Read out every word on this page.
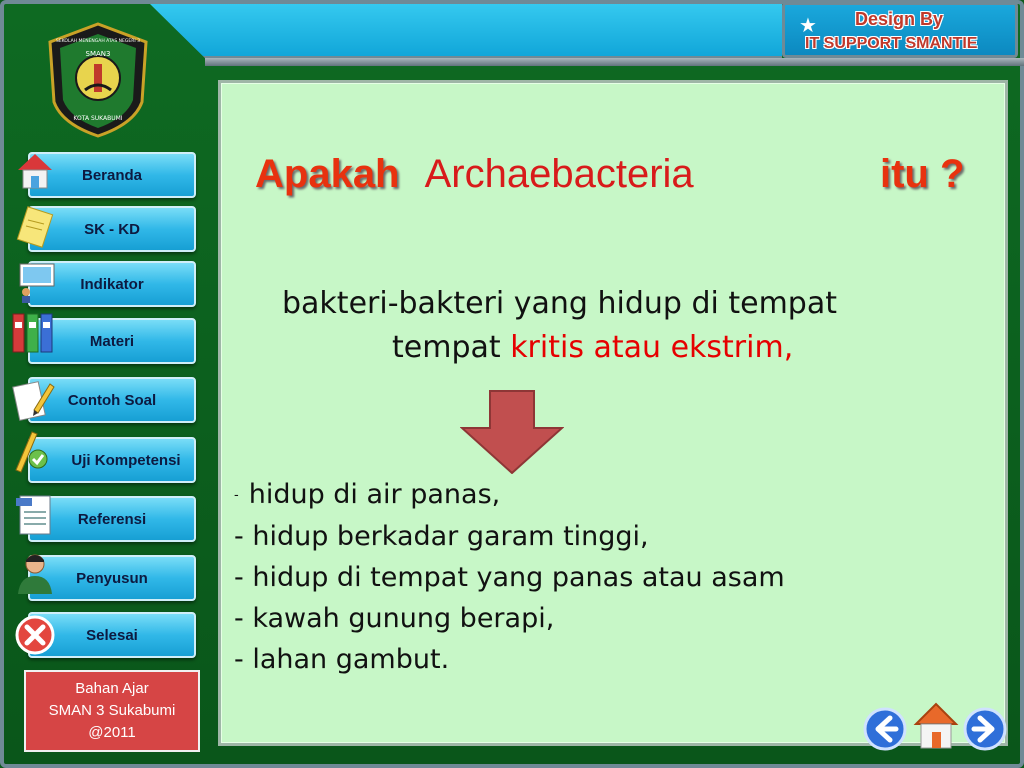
★ Design By
IT SUPPORT SMANTIE
SMAN3
KOTA SUKABUMI
SEKOLAH MENENGAH ATAS NEGERI 3
Beranda
SK - KD
Indikator
Materi
Contoh Soal
Uji Kompetensi
Referensi
Penyusun
Selesai
Bahan Ajar
SMAN 3 Sukabumi
@2011
Apakah Archaebacteria	itu ?
bakteri-bakteri yang hidup di tempat
tempat kritis atau ekstrim,
- hidup di air panas,
- hidup berkadar garam tinggi,
- hidup di tempat yang panas atau asam
- kawah gunung berapi,
- lahan gambut.
